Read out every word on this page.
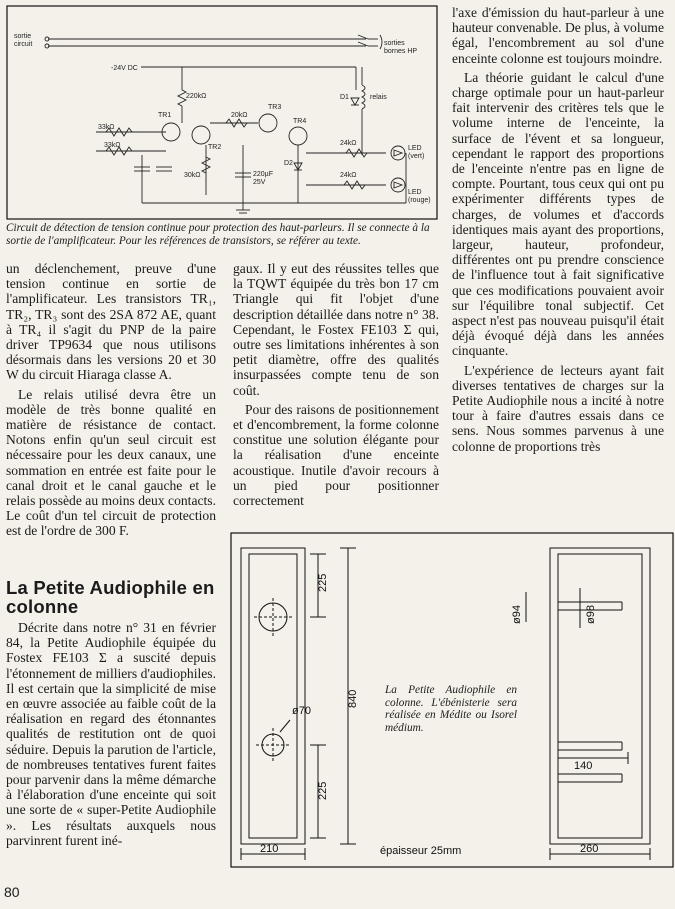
sortie
circuit
-24V DC
sorties
bornes HP
relais
220kΩ
33kΩ
33kΩ
20kΩ
30kΩ	220µF
25V
TR1
TR2
TR3
TR4
D1
D2
24kΩ
24kΩ
LED
(vert)
LED
(rouge)
Circuit de détection de tension continue pour protection des haut-parleurs. Il se connecte à la sortie de l'amplificateur. Pour les références de transistors, se référer au texte.

un déclenchement, preuve d'une tension continue en sortie de l'amplificateur. Les transistors TR₁, TR₂, TR₃ sont des 2SA 872 AE, quant à TR₄ il s'agit du PNP de la paire driver TP9634 que nous utilisons désormais dans les versions 20 et 30 W du circuit Hiaraga classe A.

Le relais utilisé devra être un modèle de très bonne qualité en matière de résistance de contact. Notons enfin qu'un seul circuit est nécessaire pour les deux canaux, une sommation en entrée est faite pour le canal droit et le canal gauche et le relais possède au moins deux contacts. Le coût d'un tel circuit de protection est de l'ordre de 300 F.

La Petite Audiophile en colonne

Décrite dans notre n° 31 en février 84, la Petite Audiophile équipée du Fostex FE103 Σ a suscité depuis l'étonnement de milliers d'audiophiles. Il est certain que la simplicité de mise en œuvre associée au faible coût de la réalisation en regard des étonnantes qualités de restitution ont de quoi séduire. Depuis la parution de l'article, de nombreuses tentatives furent faites pour parvenir dans la même démarche à l'élaboration d'une enceinte qui soit une sorte de « super-Petite Audiophile ». Les résultats auxquels nous parvinrent furent iné-

gaux. Il y eut des réussites telles que la TQWT équipée du très bon 17 cm Triangle qui fit l'objet d'une description détaillée dans notre n° 38. Cependant, le Fostex FE103 Σ qui, outre ses limitations inhérentes à son petit diamètre, offre des qualités insurpassées compte tenu de son coût.

Pour des raisons de positionnement et d'encombrement, la forme colonne constitue une solution élégante pour la réalisation d'une enceinte acoustique. Inutile d'avoir recours à un pied pour positionner correctement

l'axe d'émission du haut-parleur à une hauteur convenable. De plus, à volume égal, l'encombrement au sol d'une enceinte colonne est toujours moindre.

La théorie guidant le calcul d'une charge optimale pour un haut-parleur fait intervenir des critères tels que le volume interne de l'enceinte, la surface de l'évent et sa longueur, cependant le rapport des proportions de l'enceinte n'entre pas en ligne de compte. Pourtant, tous ceux qui ont pu expérimenter différents types de charges, de volumes et d'accords identiques mais ayant des proportions, largeur, hauteur, profondeur, différentes ont pu prendre conscience de l'influence tout à fait significative que ces modifications pouvaient avoir sur l'équilibre tonal subjectif. Cet aspect n'est pas nouveau puisqu'il était déjà évoqué déjà dans les années cinquante.

L'expérience de lecteurs ayant fait diverses tentatives de charges sur la Petite Audiophile nous a incité à notre tour à faire d'autres essais dans ce sens. Nous sommes parvenus à une colonne de proportions très

225
840
225
ø70
ø94	ø98
210	260
140
épaisseur 25mm
La Petite Audiophile en colonne. L'ébénisterie sera réalisée en Médite ou Isorel médium.
80
